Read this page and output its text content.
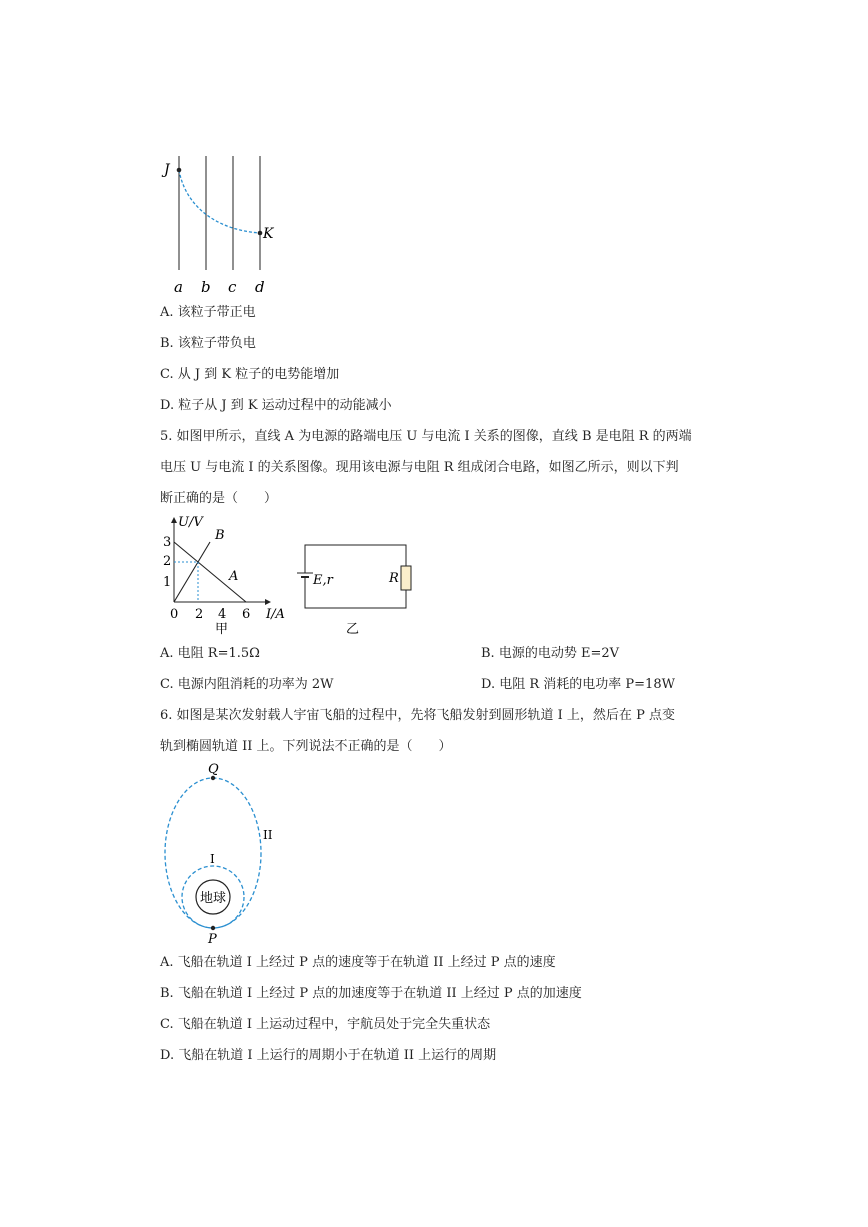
J
K
a b c d
A. 该粒子带正电
B. 该粒子带负电
C. 从 J 到 K 粒子的电势能增加
D. 粒子从 J 到 K 运动过程中的动能减小
5. 如图甲所示，直线 A 为电源的路端电压 U 与电流 I 关系的图像，直线 B 是电阻 R 的两端
电压 U 与电流 I 的关系图像。现用该电源与电阻 R 组成闭合电路，如图乙所示，则以下判
断正确的是（　　）
U/V
I/A
3
2
1
0 2 4 6
B
A
甲
E,r	R
乙
A. 电阻 R=1.5Ω	B. 电源的电动势 E=2V
C. 电源内阻消耗的功率为 2W	D. 电阻 R 消耗的电功率 P=18W
6. 如图是某次发射载人宇宙飞船的过程中，先将飞船发射到圆形轨道 I 上，然后在 P 点变
轨到椭圆轨道 II 上。下列说法不正确的是（　　）
地球
Q
P
II
I
A. 飞船在轨道 I 上经过 P 点的速度等于在轨道 II 上经过 P 点的速度
B. 飞船在轨道 I 上经过 P 点的加速度等于在轨道 II 上经过 P 点的加速度
C. 飞船在轨道 I 上运动过程中，宇航员处于完全失重状态
D. 飞船在轨道 I 上运行的周期小于在轨道 II 上运行的周期
